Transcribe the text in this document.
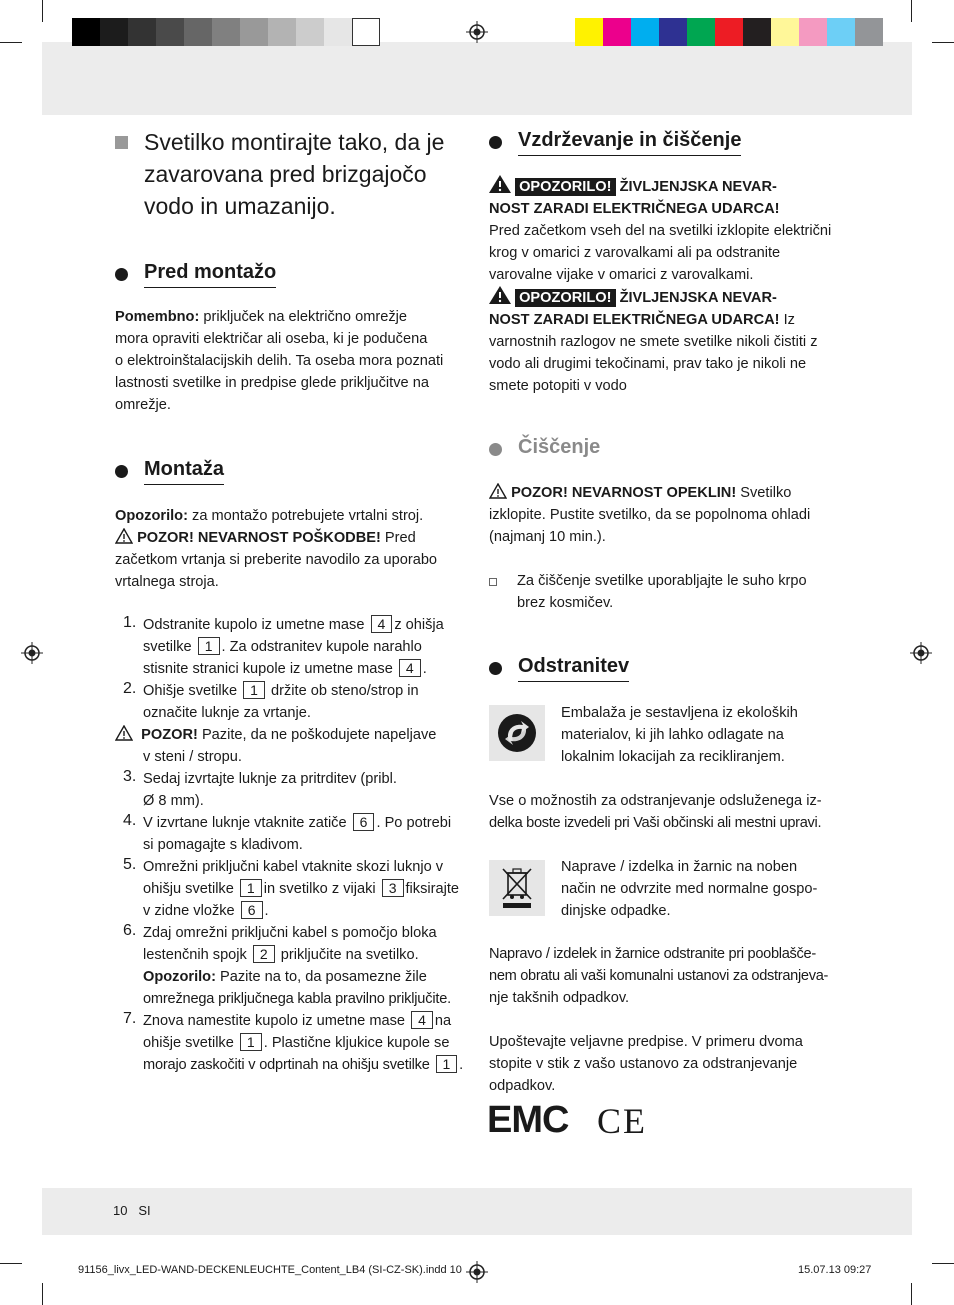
Svetilko montirajte tako, da je
zavarovana pred brizgajočo
vodo in umazanijo.
Pred montažo

Pomembno: priključek na električno omrežje

mora opraviti električar ali oseba, ki je podučena

o elektroinštalacijskih delih. Ta oseba mora poznati

lastnosti svetilke in predpise glede priključitve na

omrežje.

Montaža

Opozorilo: za montažo potrebujete vrtalni stroj.

POZOR! NEVARNOST POŠKODBE! Pred

začetkom vrtanja si preberite navodilo za uporabo

vrtalnega stroja.

1. Odstranite kupolo iz umetne mase 4 z ohišja

svetilke 1 . Za odstranitev kupole narahlo

stisnite stranici kupole iz umetne mase 4 .

2. Ohišje svetilke 1 držite ob steno/strop in

označite luknje za vrtanje.

POZOR! Pazite, da ne poškodujete napeljave

v steni / stropu.

3. Sedaj izvrtajte luknje za pritrditev (pribl.

Ø 8 mm).

4. V izvrtane luknje vtaknite zatiče 6 . Po potrebi

si pomagajte s kladivom.

5. Omrežni priključni kabel vtaknite skozi luknjo v

ohišju svetilke 1 in svetilko z vijaki 3 fiksirajte

v zidne vložke 6 .

6. Zdaj omrežni priključni kabel s pomočjo bloka

lestenčnih spojk 2 priključite na svetilko.

Opozorilo: Pazite na to, da posamezne žile

omrežnega priključnega kabla pravilno priključite.

7. Znova namestite kupolo iz umetne mase 4 na

ohišje svetilke 1 . Plastične kljukice kupole se

morajo zaskočiti v odprtinah na ohišju svetilke 1 .

Vzdrževanje in čiščenje

OPOZORILO! ŽIVLJENJSKA NEVAR-

NOST ZARADI ELEKTRIČNEGA UDARCA!

Pred začetkom vseh del na svetilki izklopite električni

krog v omarici z varovalkami ali pa odstranite

varovalne vijake v omarici z varovalkami.

OPOZORILO! ŽIVLJENJSKA NEVAR-

NOST ZARADI ELEKTRIČNEGA UDARCA! Iz

varnostnih razlogov ne smete svetilke nikoli čistiti z

vodo ali drugimi tekočinami, prav tako je nikoli ne

smete potopiti v vodo

Čiščenje

POZOR! NEVARNOST OPEKLIN! Svetilko

izklopite. Pustite svetilko, da se popolnoma ohladi

(najmanj 10 min.).

Za čiščenje svetilke uporabljajte le suho krpo

brez kosmičev.

Odstranitev

Embalaža je sestavljena iz ekoloških

materialov, ki jih lahko odlagate na

lokalnim lokacijah za recikliranjem.

Vse o možnostih za odstranjevanje odsluženega iz-

delka boste izvedeli pri Vaši občinski ali mestni upravi.

Naprave / izdelka in žarnic na noben

način ne odvrzite med normalne gospo-

dinjske odpadke.

Napravo / izdelek in žarnice odstranite pri pooblašče-

nem obratu ali vaši komunalni ustanovi za odstranjeva-

nje takšnih odpadkov.

Upoštevajte veljavne predpise. V primeru dvoma

stopite v stik z vašo ustanovo za odstranjevanje

odpadkov.

EMC CE
10 SI
91156_livx_LED-WAND-DECKENLEUCHTE_Content_LB4 (SI-CZ-SK).indd 10	15.07.13 09:27
